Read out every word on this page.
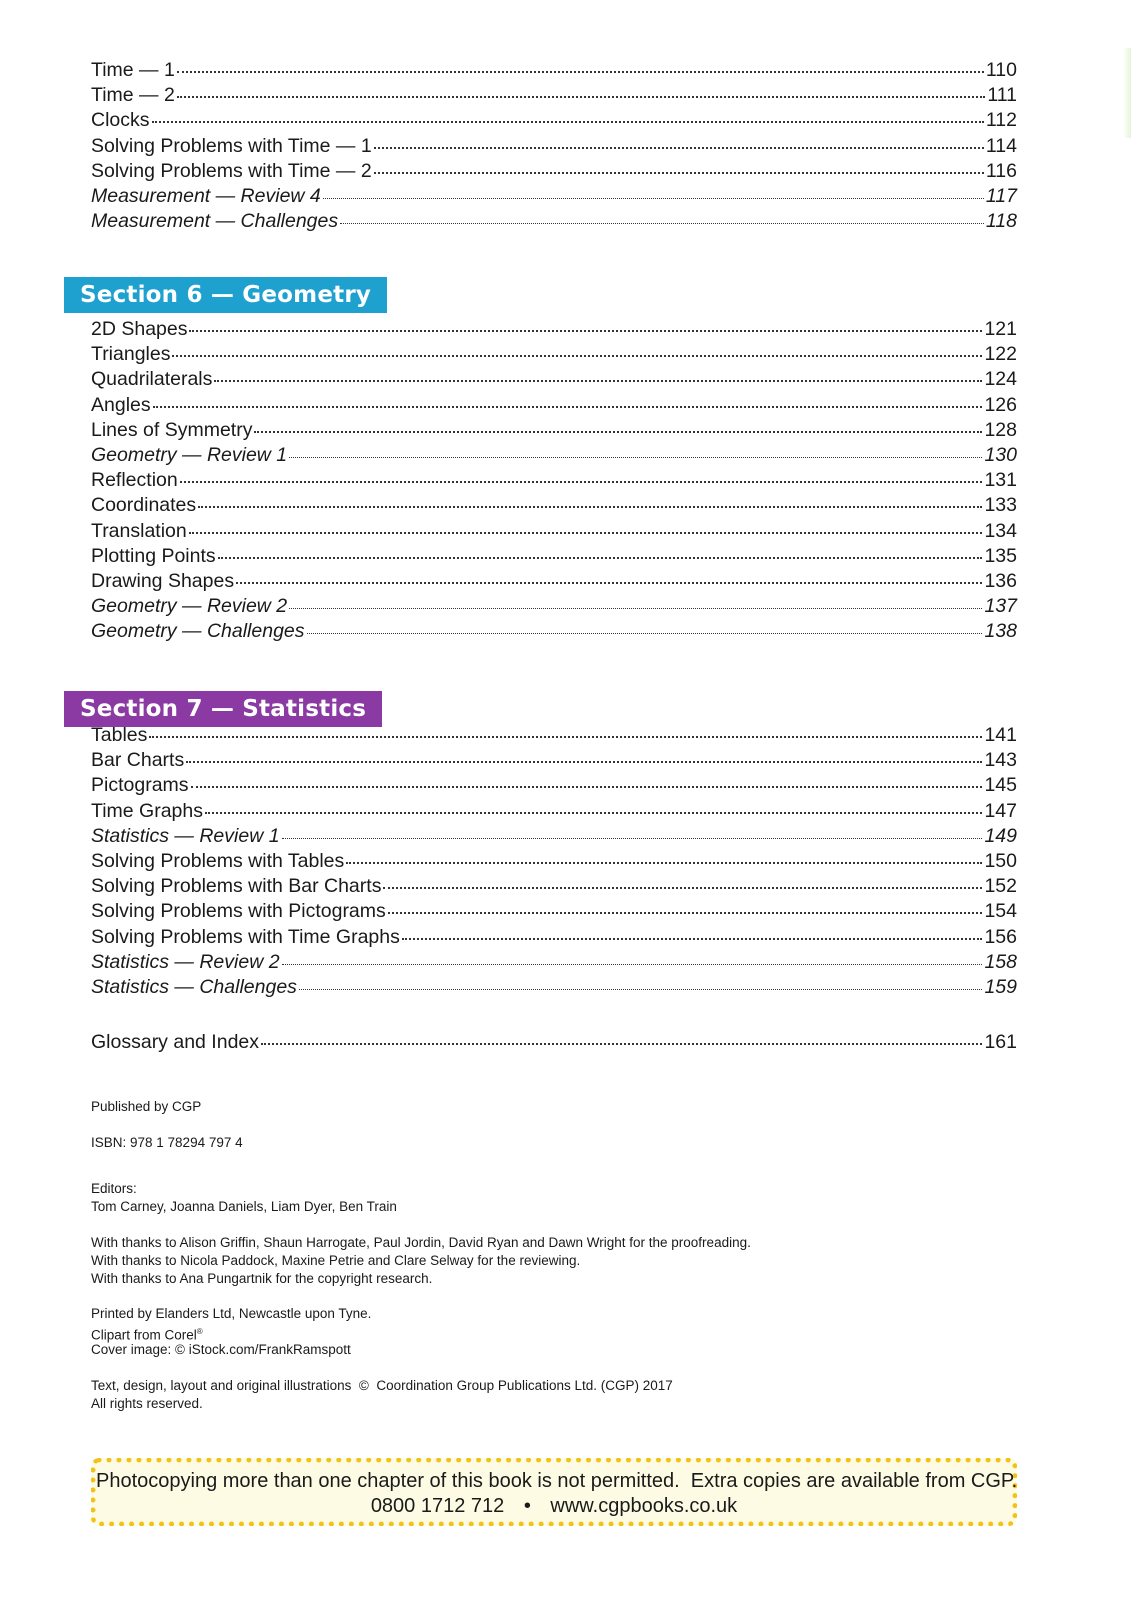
Time — 1	110
Time — 2	111
Clocks	112
Solving Problems with Time — 1	114
Solving Problems with Time — 2	116
Measurement — Review 4	117
Measurement — Challenges	118
Section 6 — Geometry
2D Shapes	121
Triangles	122
Quadrilaterals	124
Angles	126
Lines of Symmetry	128
Geometry — Review 1	130
Reflection	131
Coordinates	133
Translation	134
Plotting Points	135
Drawing Shapes	136
Geometry — Review 2	137
Geometry — Challenges	138
Section 7 — Statistics
Tables	141
Bar Charts	143
Pictograms	145
Time Graphs	147
Statistics — Review 1	149
Solving Problems with Tables	150
Solving Problems with Bar Charts	152
Solving Problems with Pictograms	154
Solving Problems with Time Graphs	156
Statistics — Review 2	158
Statistics — Challenges	159
Glossary and Index	161
Published by CGP
ISBN: 978 1 78294 797 4
Editors:
Tom Carney, Joanna Daniels, Liam Dyer, Ben Train
With thanks to Alison Griffin, Shaun Harrogate, Paul Jordin, David Ryan and Dawn Wright for the proofreading.
With thanks to Nicola Paddock, Maxine Petrie and Clare Selway for the reviewing.
With thanks to Ana Pungartnik for the copyright research.
Printed by Elanders Ltd, Newcastle upon Tyne.
Clipart from Corel®
Cover image: © iStock.com/FrankRamspott
Text, design, layout and original illustrations  ©  Coordination Group Publications Ltd. (CGP) 2017
All rights reserved.
Photocopying more than one chapter of this book is not permitted.  Extra copies are available from CGP.
0800 1712 712 • www.cgpbooks.co.uk
